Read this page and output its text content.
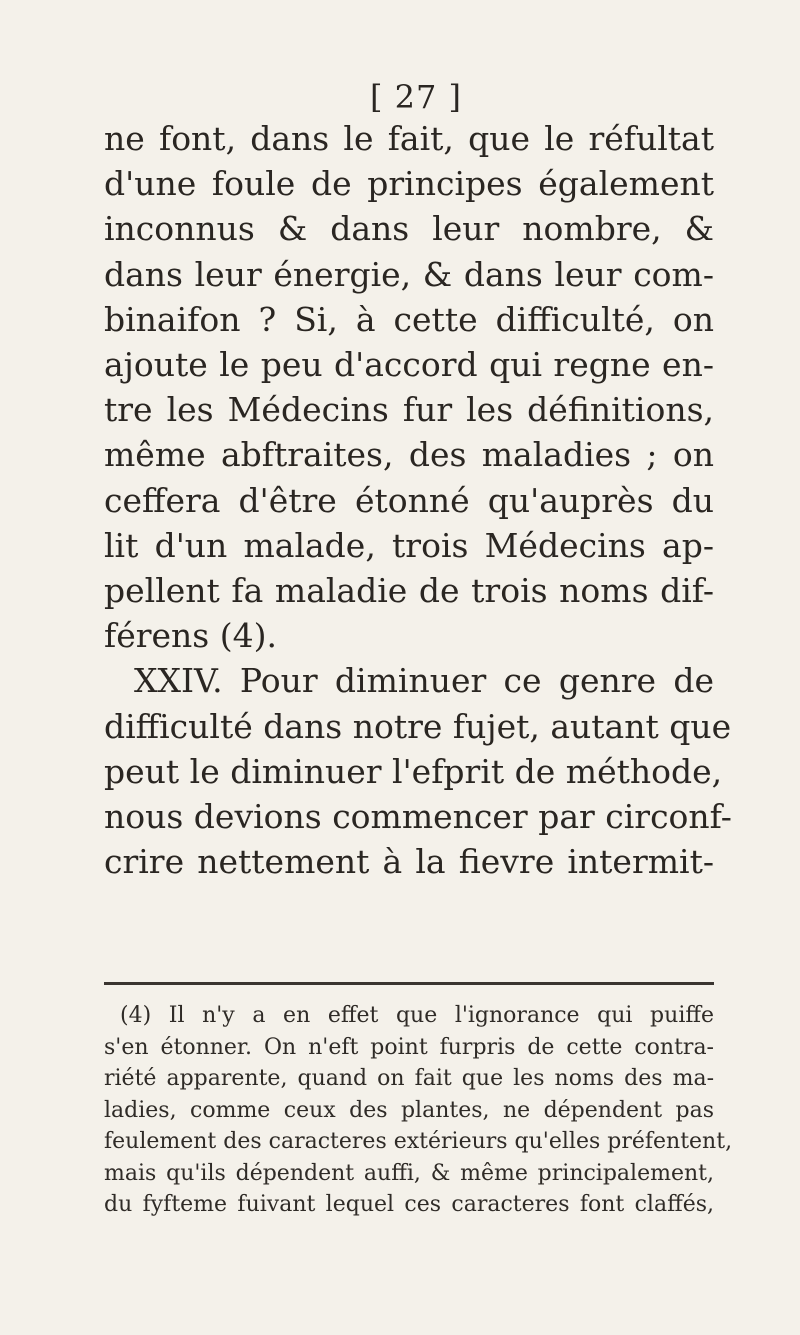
[ 27 ]
ne font, dans le fait, que le réfultat
d'une foule de principes également
inconnus & dans leur nombre, &
dans leur énergie, & dans leur com-
binaifon ? Si, à cette difficulté, on
ajoute le peu d'accord qui regne en-
tre les Médecins fur les définitions,
même abftraites, des maladies ; on
ceffera d'être étonné qu'auprès du
lit d'un malade, trois Médecins ap-
pellent fa maladie de trois noms dif-
férens (4).
XXIV. Pour diminuer ce genre de
difficulté dans notre fujet, autant que
peut le diminuer l'efprit de méthode,
nous devions commencer par circonf-
crire nettement à la fievre intermit-
(4) Il n'y a en effet que l'ignorance qui puiffe
s'en étonner. On n'eft point furpris de cette contra-
riété apparente, quand on fait que les noms des ma-
ladies, comme ceux des plantes, ne dépendent pas
feulement des caracteres extérieurs qu'elles préfentent,
mais qu'ils dépendent auffi, & même principalement,
du fyfteme fuivant lequel ces caracteres font claffés,
